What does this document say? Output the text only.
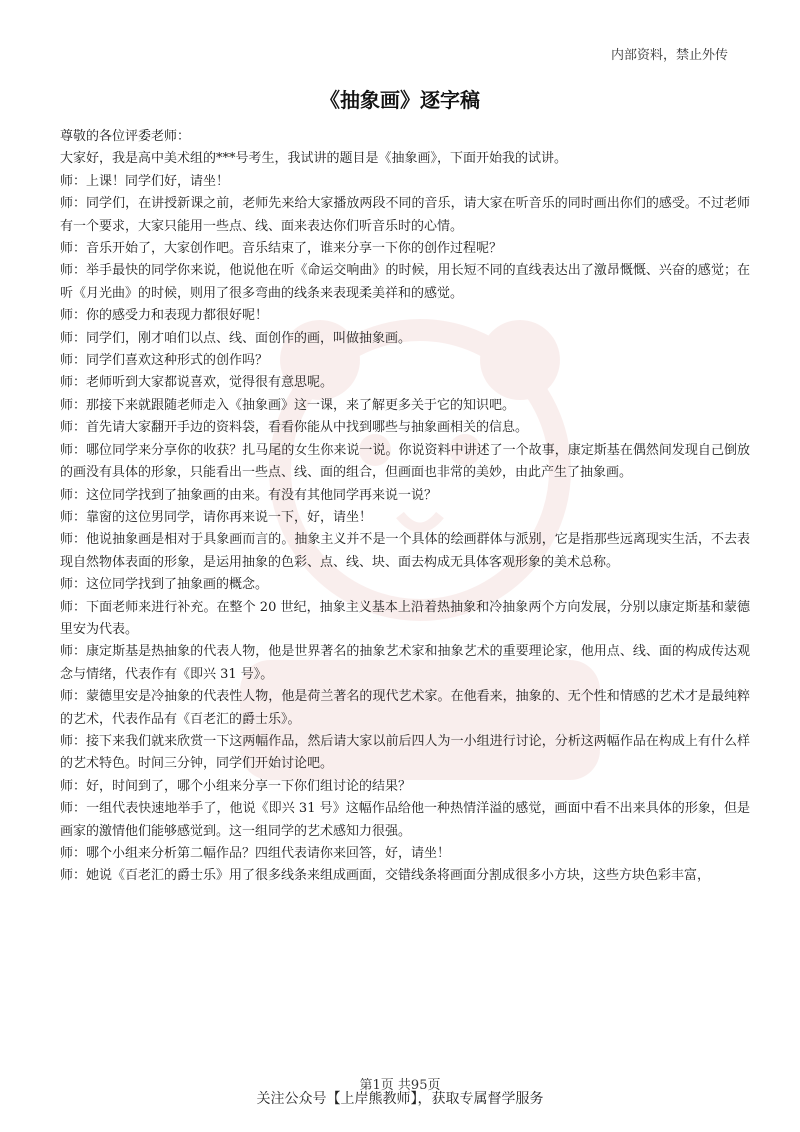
内部资料，禁止外传
《抽象画》逐字稿

尊敬的各位评委老师：

大家好，我是高中美术组的***号考生，我试讲的题目是《抽象画》，下面开始我的试讲。

师：上课！同学们好，请坐！

师：同学们，在讲授新课之前，老师先来给大家播放两段不同的音乐，请大家在听音乐的同时画出你们的感受。不过老师有一个要求，大家只能用一些点、线、面来表达你们听音乐时的心情。

师：音乐开始了，大家创作吧。音乐结束了，谁来分享一下你的创作过程呢？

师：举手最快的同学你来说，他说他在听《命运交响曲》的时候，用长短不同的直线表达出了激昂慨慨、兴奋的感觉；在听《月光曲》的时候，则用了很多弯曲的线条来表现柔美祥和的感觉。

师：你的感受力和表现力都很好呢！

师：同学们，刚才咱们以点、线、面创作的画，叫做抽象画。

师：同学们喜欢这种形式的创作吗？

师：老师听到大家都说喜欢，觉得很有意思呢。

师：那接下来就跟随老师走入《抽象画》这一课，来了解更多关于它的知识吧。

师：首先请大家翻开手边的资料袋，看看你能从中找到哪些与抽象画相关的信息。

师：哪位同学来分享你的收获？扎马尾的女生你来说一说。你说资料中讲述了一个故事，康定斯基在偶然间发现自己倒放的画没有具体的形象，只能看出一些点、线、面的组合，但画面也非常的美妙，由此产生了抽象画。

师：这位同学找到了抽象画的由来。有没有其他同学再来说一说？

师：靠窗的这位男同学，请你再来说一下，好，请坐！

师：他说抽象画是相对于具象画而言的。抽象主义并不是一个具体的绘画群体与派别，它是指那些远离现实生活，不去表现自然物体表面的形象，是运用抽象的色彩、点、线、块、面去构成无具体客观形象的美术总称。

师：这位同学找到了抽象画的概念。

师：下面老师来进行补充。在整个 20 世纪，抽象主义基本上沿着热抽象和冷抽象两个方向发展，分别以康定斯基和蒙德里安为代表。

师：康定斯基是热抽象的代表人物，他是世界著名的抽象艺术家和抽象艺术的重要理论家，他用点、线、面的构成传达观念与情绪，代表作有《即兴 31 号》。

师：蒙德里安是冷抽象的代表性人物，他是荷兰著名的现代艺术家。在他看来，抽象的、无个性和情感的艺术才是最纯粹的艺术，代表作品有《百老汇的爵士乐》。

师：接下来我们就来欣赏一下这两幅作品，然后请大家以前后四人为一小组进行讨论，分析这两幅作品在构成上有什么样的艺术特色。时间三分钟，同学们开始讨论吧。

师：好，时间到了，哪个小组来分享一下你们组讨论的结果？

师：一组代表快速地举手了，他说《即兴 31 号》这幅作品给他一种热情洋溢的感觉，画面中看不出来具体的形象，但是画家的激情他们能够感觉到。这一组同学的艺术感知力很强。

师：哪个小组来分析第二幅作品？四组代表请你来回答，好，请坐！

师：她说《百老汇的爵士乐》用了很多线条来组成画面，交错线条将画面分割成很多小方块，这些方块色彩丰富，

第1页 共95页
关注公众号【上岸熊教师】，获取专属督学服务
